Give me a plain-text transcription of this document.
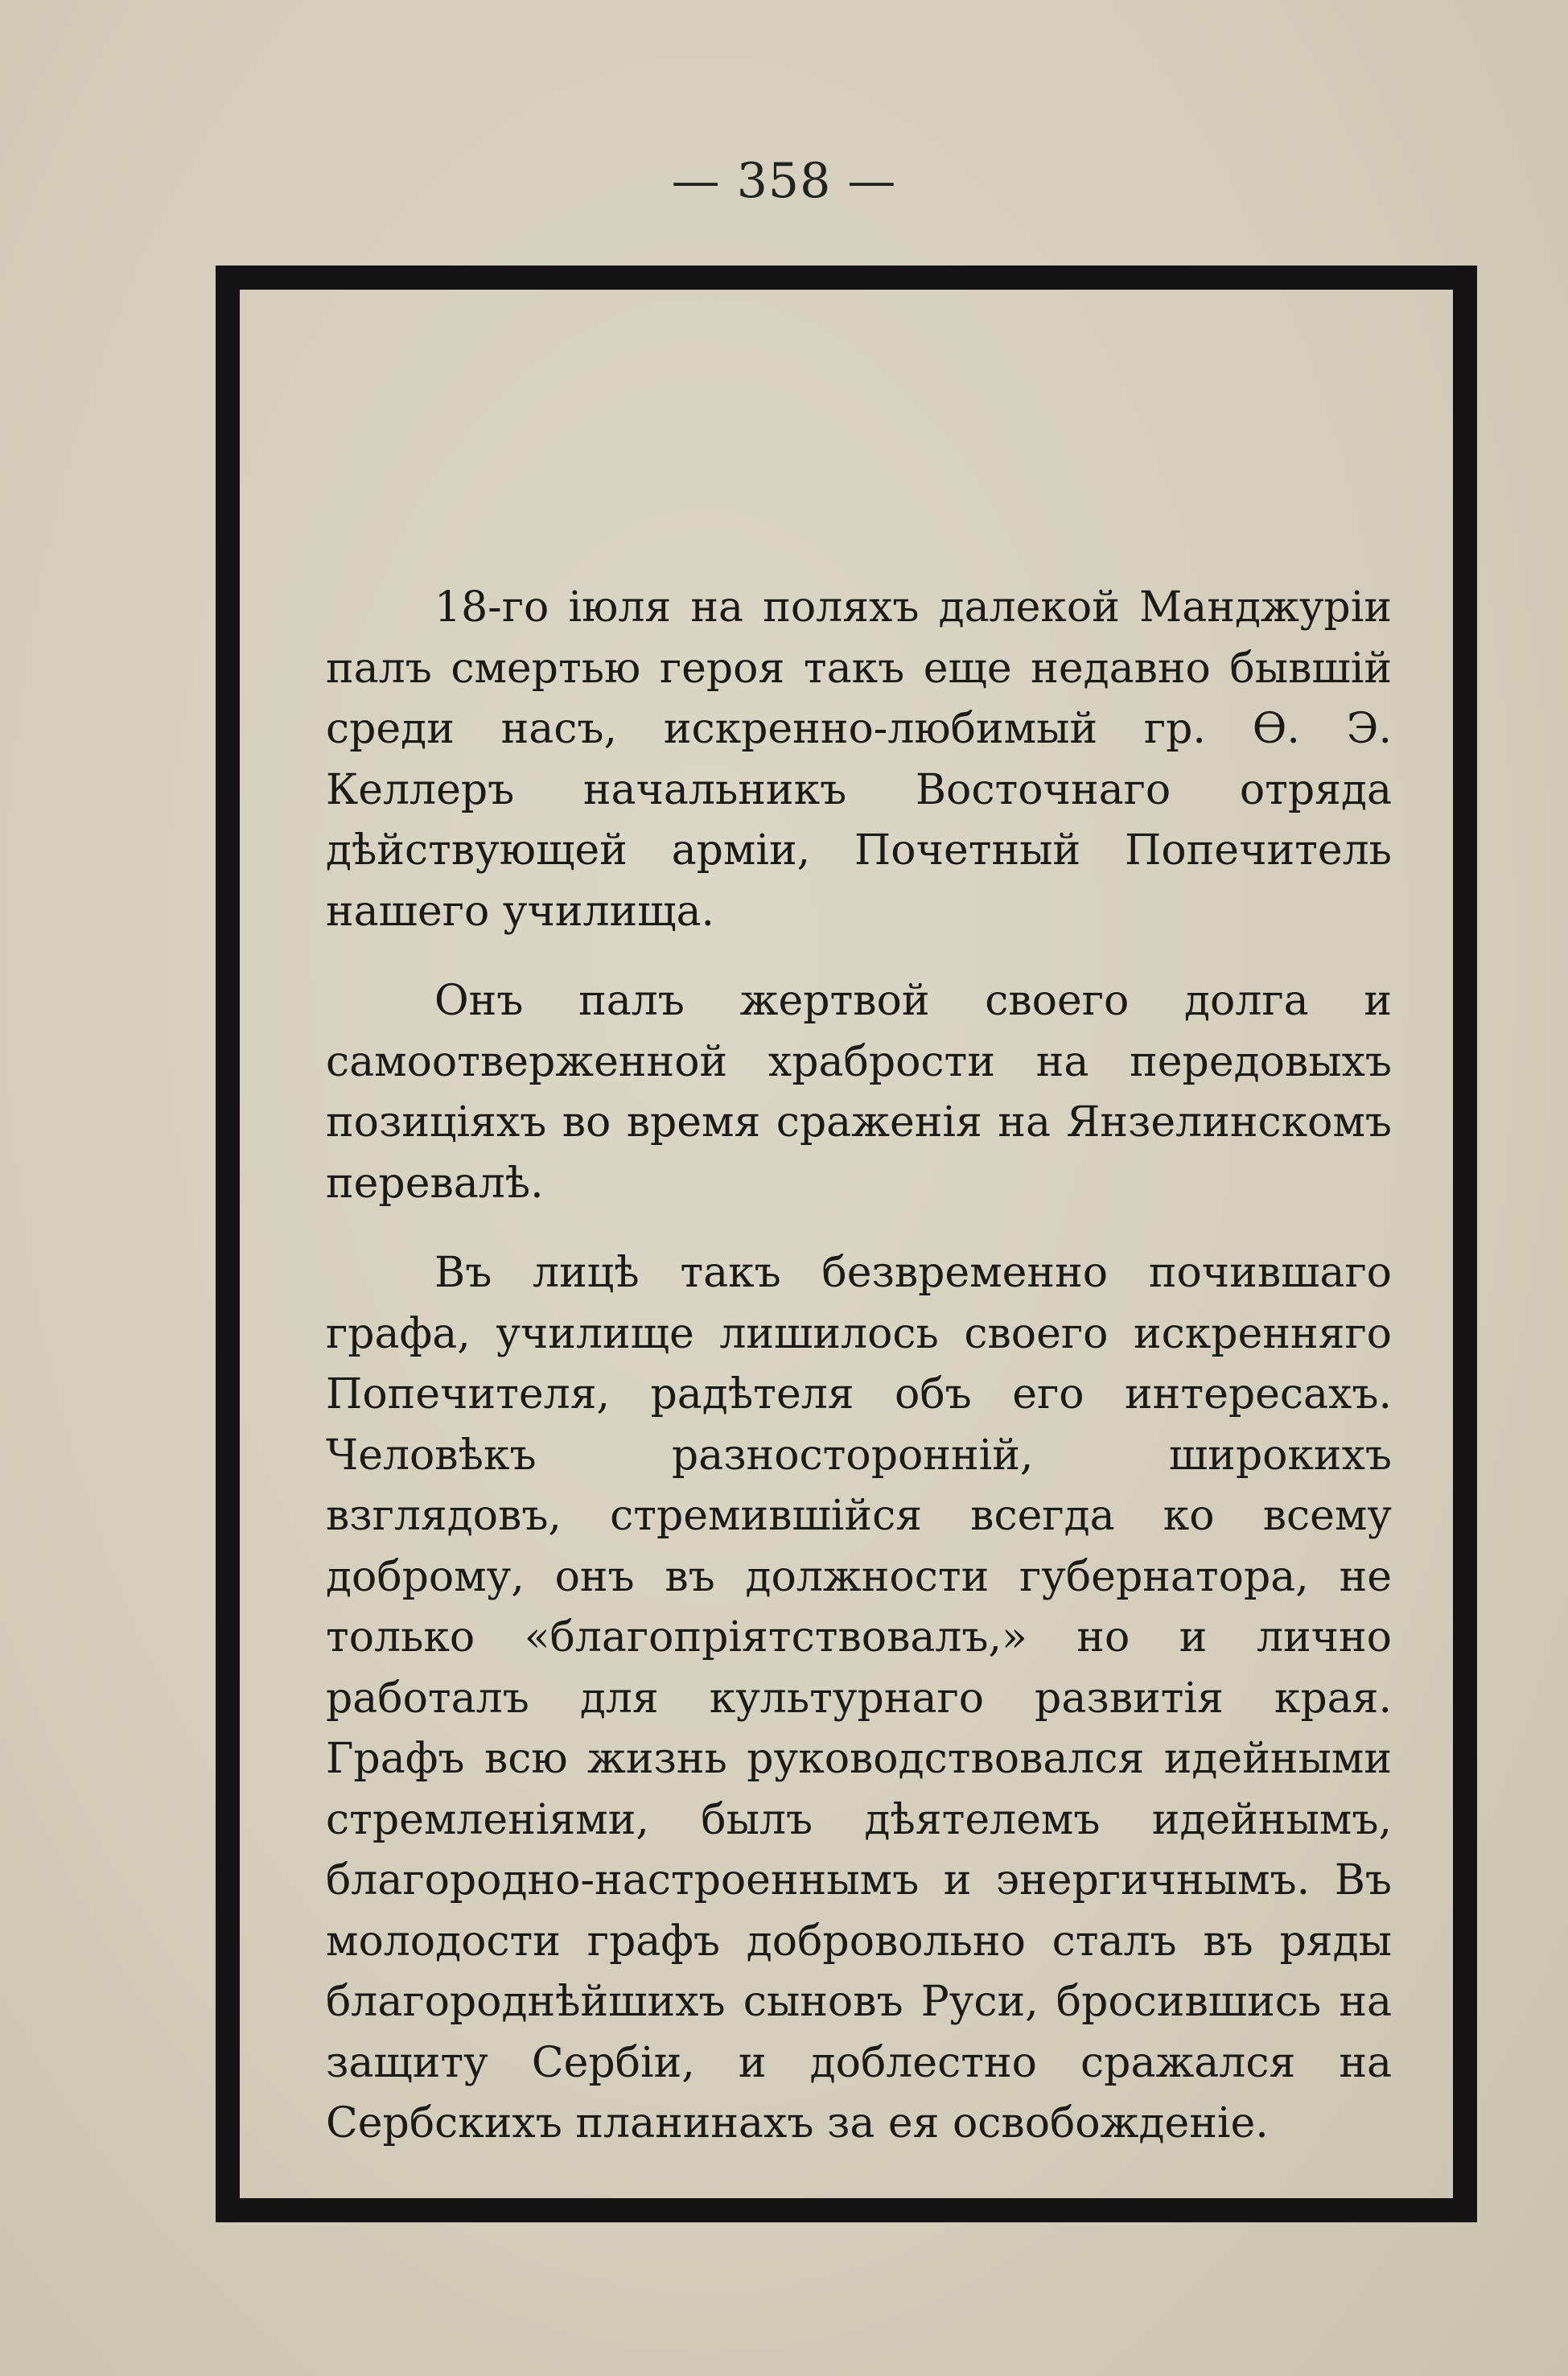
— 358 —

18-го іюля на поляхъ далекой Манджуріи палъ смертью героя такъ еще недавно бывшій среди насъ, искренно-любимый гр. Ѳ. Э. Келлеръ начальникъ Восточнаго отряда дѣйствующей арміи, Почетный Попечитель нашего училища.

Онъ палъ жертвой своего долга и самоотверженной храбрости на передовыхъ позиціяхъ во время сраженія на Янзелинскомъ перевалѣ.

Въ лицѣ такъ безвременно почившаго графа, училище лишилось своего искренняго Попечителя, радѣтеля объ его интересахъ. Человѣкъ разносторонній, широкихъ взглядовъ, стремившійся всегда ко всему доброму, онъ въ должности губернатора, не только «благопріятствовалъ,» но и лично работалъ для культурнаго развитія края. Графъ всю жизнь руководствовался идейными стремленіями, былъ дѣятелемъ идейнымъ, благородно-настроеннымъ и энергичнымъ. Въ молодости графъ добровольно сталъ въ ряды благороднѣйшихъ сыновъ Руси, бросившись на защиту Сербіи, и доблестно сражался на Сербскихъ планинахъ за ея освобожденіе.
